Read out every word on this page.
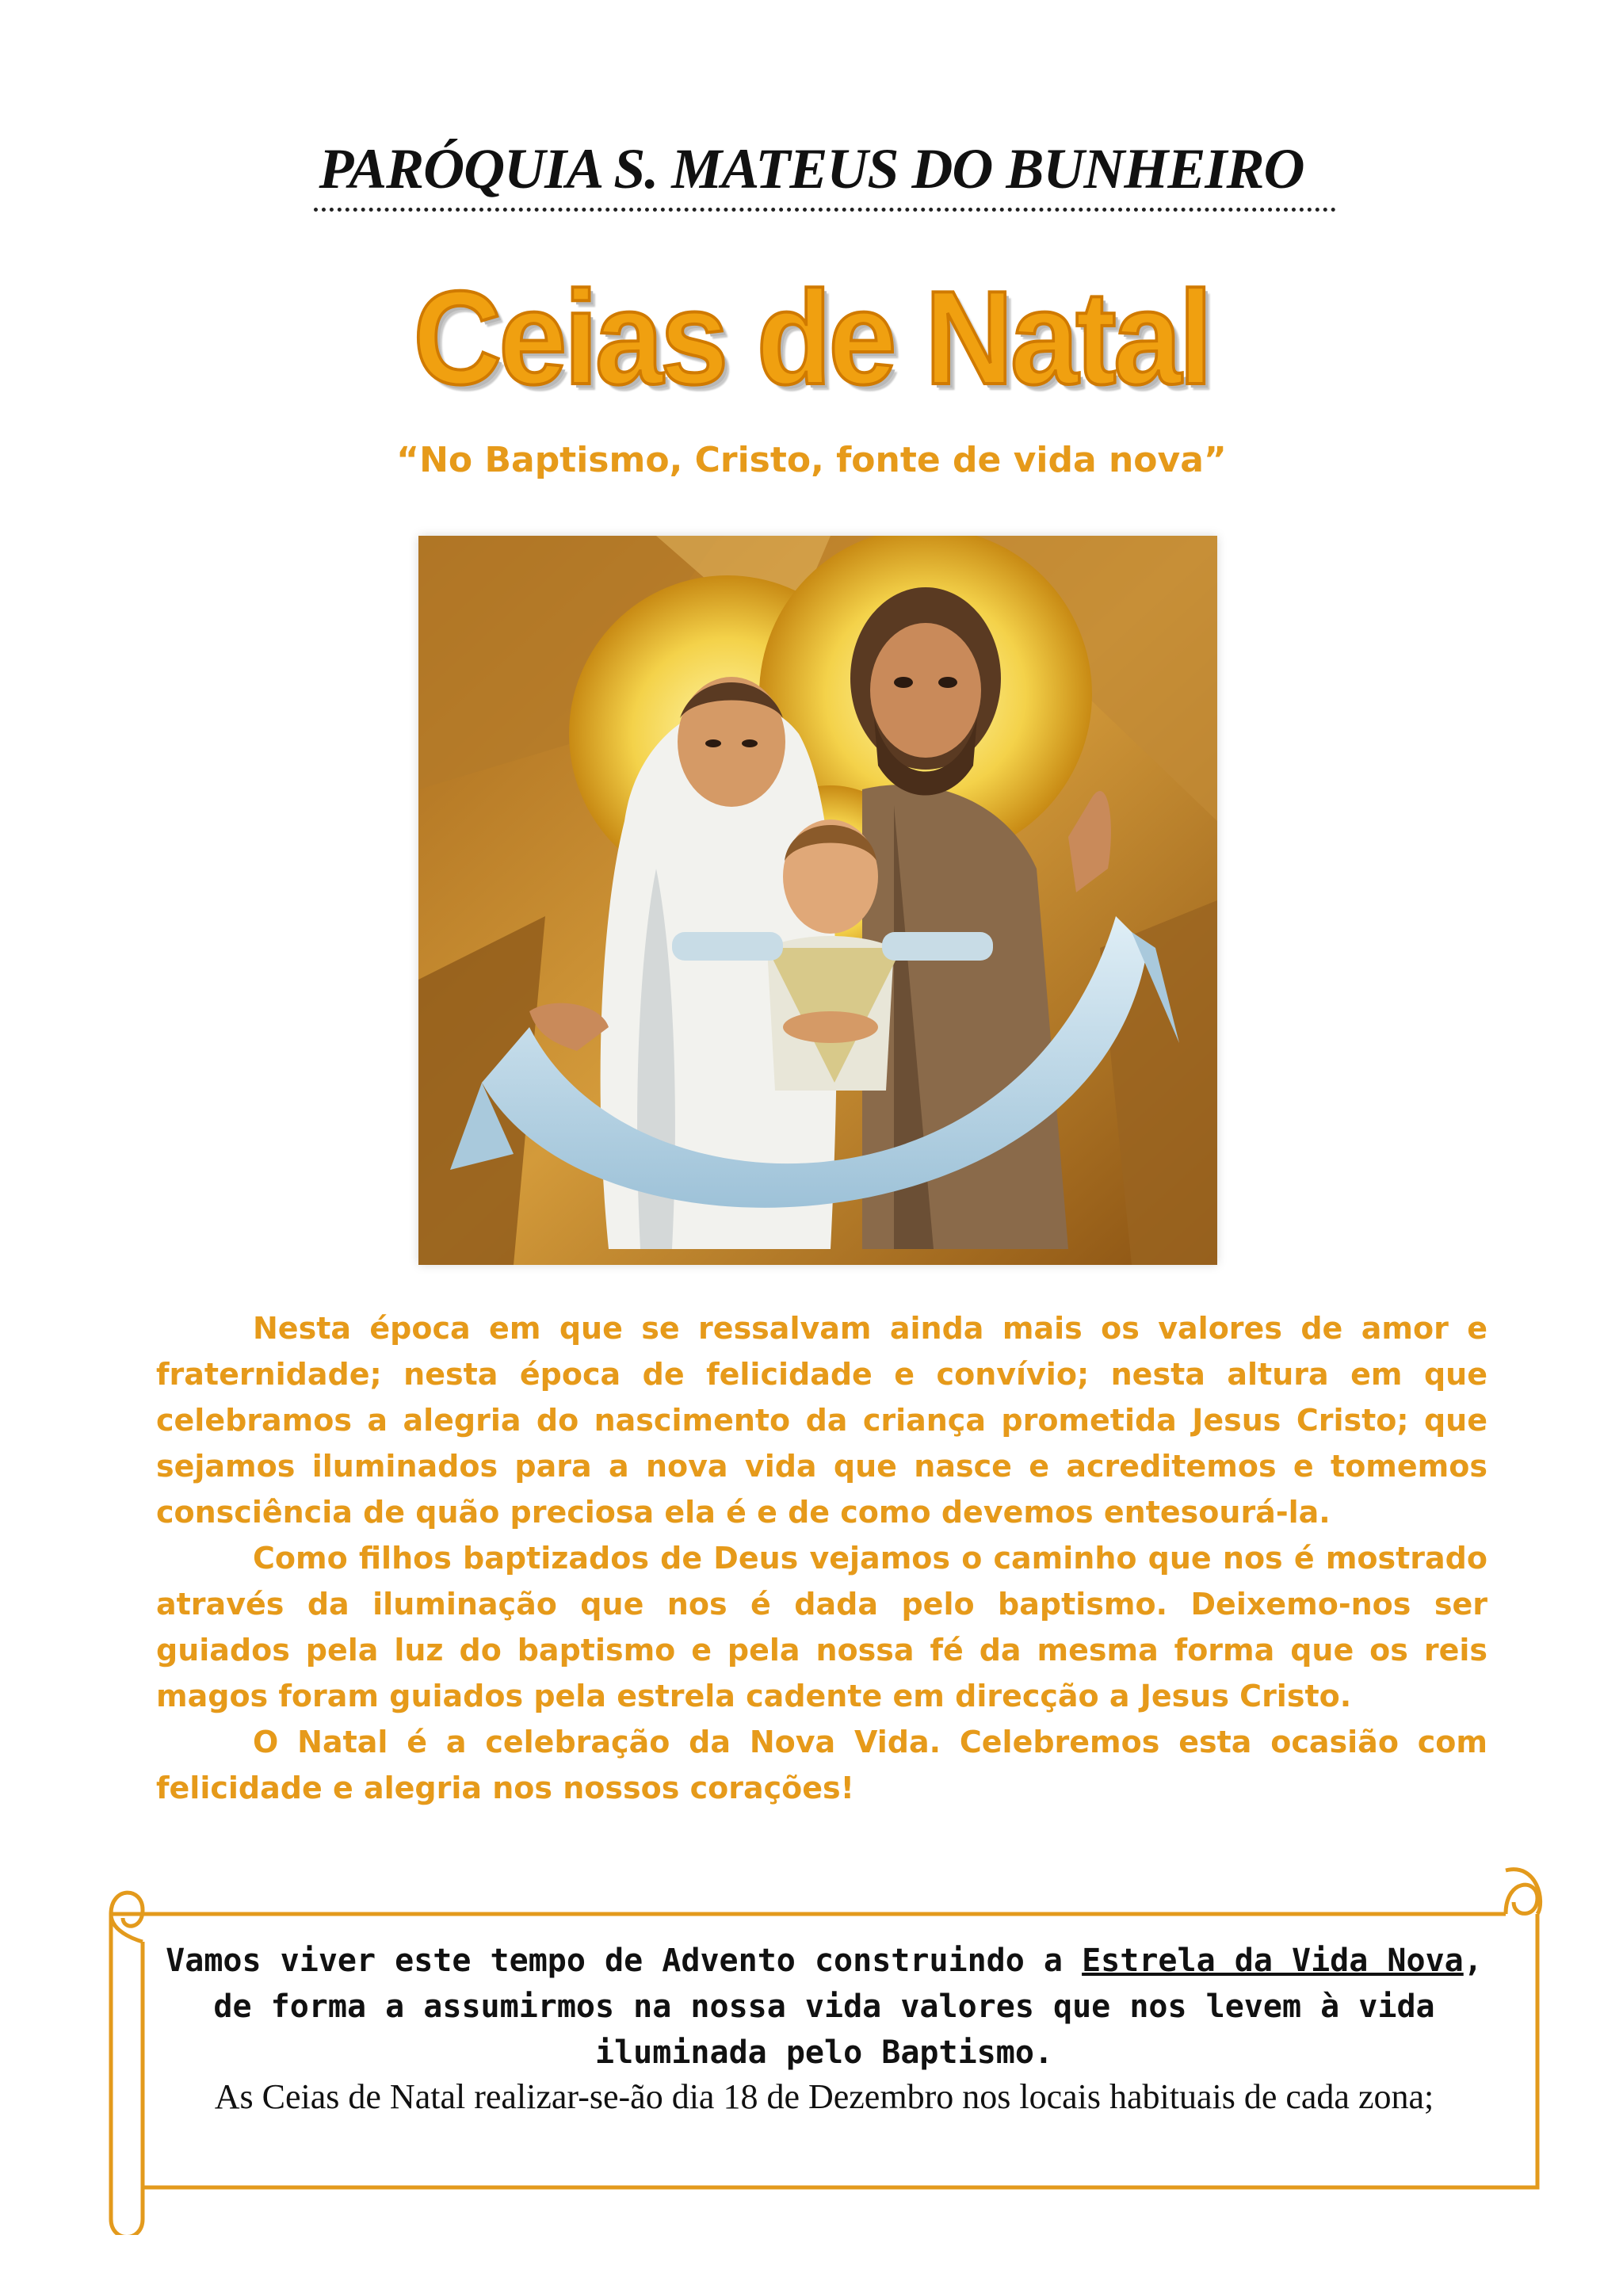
PARÓQUIA S. MATEUS DO BUNHEIRO
Ceias de Natal

“No Baptismo, Cristo, fonte de vida nova”

Nesta época em que se ressalvam ainda mais os valores de amor e fraternidade; nesta época de felicidade e convívio; nesta altura em que celebramos a alegria do nascimento da criança prometida Jesus Cristo; que sejamos iluminados para a nova vida que nasce e acreditemos e tomemos consciência de quão preciosa ela é e de como devemos entesourá-la.

Como filhos baptizados de Deus vejamos o caminho que nos é mostrado através da iluminação que nos é dada pelo baptismo. Deixemo-nos ser guiados pela luz do baptismo e pela nossa fé da mesma forma que os reis magos foram guiados pela estrela cadente em direcção a Jesus Cristo.

O Natal é a celebração da Nova Vida. Celebremos esta ocasião com felicidade e alegria nos nossos corações!

Vamos viver este tempo de Advento construindo a Estrela da Vida Nova, de forma a assumirmos na nossa vida valores que nos levem à vida iluminada pelo Baptismo.

As Ceias de Natal realizar-se-ão dia 18 de Dezembro nos locais habituais de cada zona;
